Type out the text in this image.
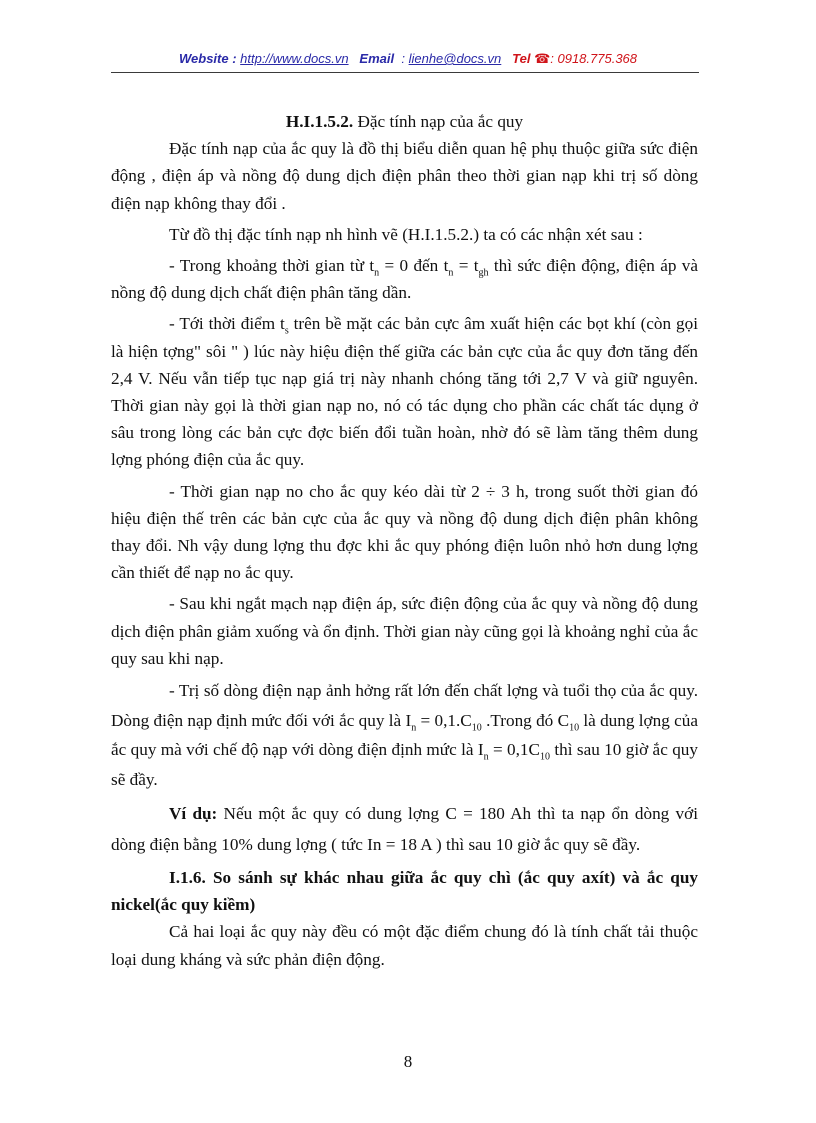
Website : http://www.docs.vn Email : lienhe@docs.vn Tel ☎: 0918.775.368

H.I.1.5.2. Đặc tính nạp của ắc quy

Đặc tính nạp của ắc quy là đồ thị biểu diễn quan hệ phụ thuộc giữa sức điện động , điện áp và nồng độ dung dịch điện phân theo thời gian nạp khi trị số dòng điện nạp không thay đổi .

Từ đồ thị đặc tính nạp nh hình vẽ (H.I.1.5.2.) ta có các nhận xét sau :

- Trong khoảng thời gian từ $t_n = 0$ đến $t_n = t_{gh}$ thì sức điện động, điện áp và nồng độ dung dịch chất điện phân tăng dần.

- Tới thời điểm $t_s$ trên bề mặt các bản cực âm xuất hiện các bọt khí (còn gọi là hiện tợng" sôi " ) lúc này hiệu điện thế giữa các bản cực của ắc quy đơn tăng đến 2,4 V. Nếu vẫn tiếp tục nạp giá trị này nhanh chóng tăng tới 2,7 V và giữ nguyên. Thời gian này gọi là thời gian nạp no, nó có tác dụng cho phần các chất tác dụng ở sâu trong lòng các bản cực đợc biến đổi tuần hoàn, nhờ đó sẽ làm tăng thêm dung lợng phóng điện của ắc quy.

- Thời gian nạp no cho ắc quy kéo dài từ 2 ÷ 3 h, trong suốt thời gian đó hiệu điện thế trên các bản cực của ắc quy và nồng độ dung dịch điện phân không thay đổi. Nh vậy dung lợng thu đợc khi ắc quy phóng điện luôn nhỏ hơn dung lợng cần thiết để nạp no ắc quy.

- Sau khi ngắt mạch nạp điện áp, sức điện động của ắc quy và nồng độ dung dịch điện phân giảm xuống và ổn định. Thời gian này cũng gọi là khoảng nghỉ của ắc quy sau khi nạp.

- Trị số dòng điện nạp ảnh hởng rất lớn đến chất lợng và tuổi thọ của ắc quy. Dòng điện nạp định mức đối với ắc quy là $I_n = 0,1.C_{10}$ .Trong đó $C_{10}$ là dung lợng của ắc quy mà với chế độ nạp với dòng điện định mức là $I_n = 0,1C_{10}$ thì sau 10 giờ ắc quy sẽ đầy.

Ví dụ: Nếu một ắc quy có dung lợng C = 180 Ah thì ta nạp ổn dòng với dòng điện bằng 10% dung lợng ( tức In = 18 A ) thì sau 10 giờ ắc quy sẽ đầy.

I.1.6. So sánh sự khác nhau giữa ắc quy chì (ắc quy axít) và ắc quy nickel(ắc quy kiềm)

Cả hai loại ắc quy này đều có một đặc điểm chung đó là tính chất tải thuộc loại dung kháng và sức phản điện động.

8
